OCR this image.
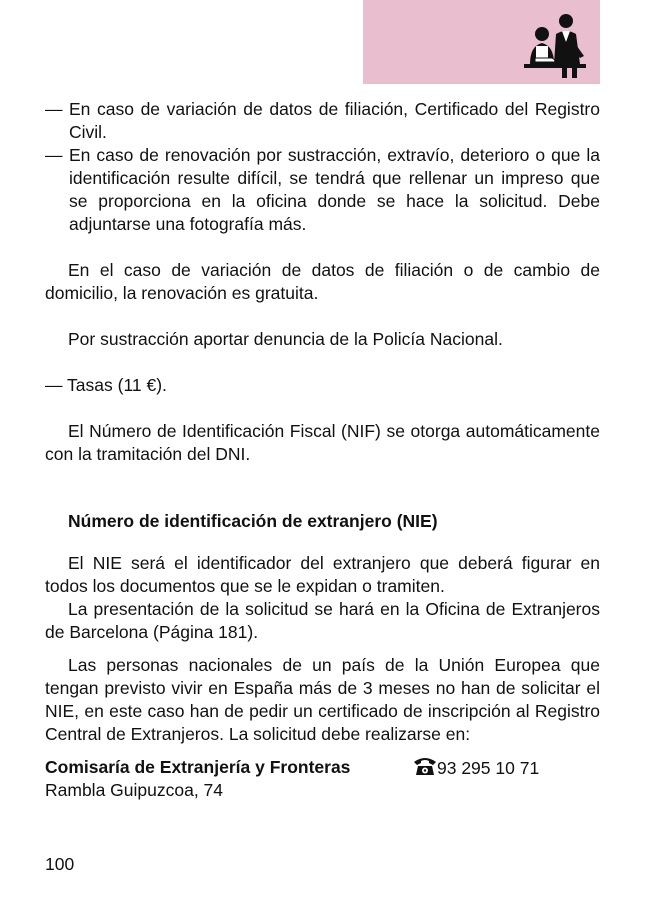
— En caso de variación de datos de filiación, Certificado del Registro Civil.

— En caso de renovación por sustracción, extravío, deterioro o que la identificación resulte difícil, se tendrá que rellenar un impreso que se proporciona en la oficina donde se hace la solicitud. Debe adjuntarse una fotografía más.

En el caso de variación de datos de filiación o de cambio de domicilio, la renovación es gratuita.

Por sustracción aportar denuncia de la Policía Nacional.

— Tasas (11 €).

El Número de Identificación Fiscal (NIF) se otorga automáticamente con la tramitación del DNI.

Número de identificación de extranjero (NIE)

El NIE será el identificador del extranjero que deberá figurar en todos los documentos que se le expidan o tramiten.

La presentación de la solicitud se hará en la Oficina de Extranjeros de Barcelona (Página 181).

Las personas nacionales de un país de la Unión Europea que tengan previsto vivir en España más de 3 meses no han de solicitar el NIE, en este caso han de pedir un certificado de inscripción al Registro Central de Extranjeros. La solicitud debe realizarse en:

Comisaría de Extranjería y Fronteras	93 295 10 71

Rambla Guipuzcoa, 74

100
